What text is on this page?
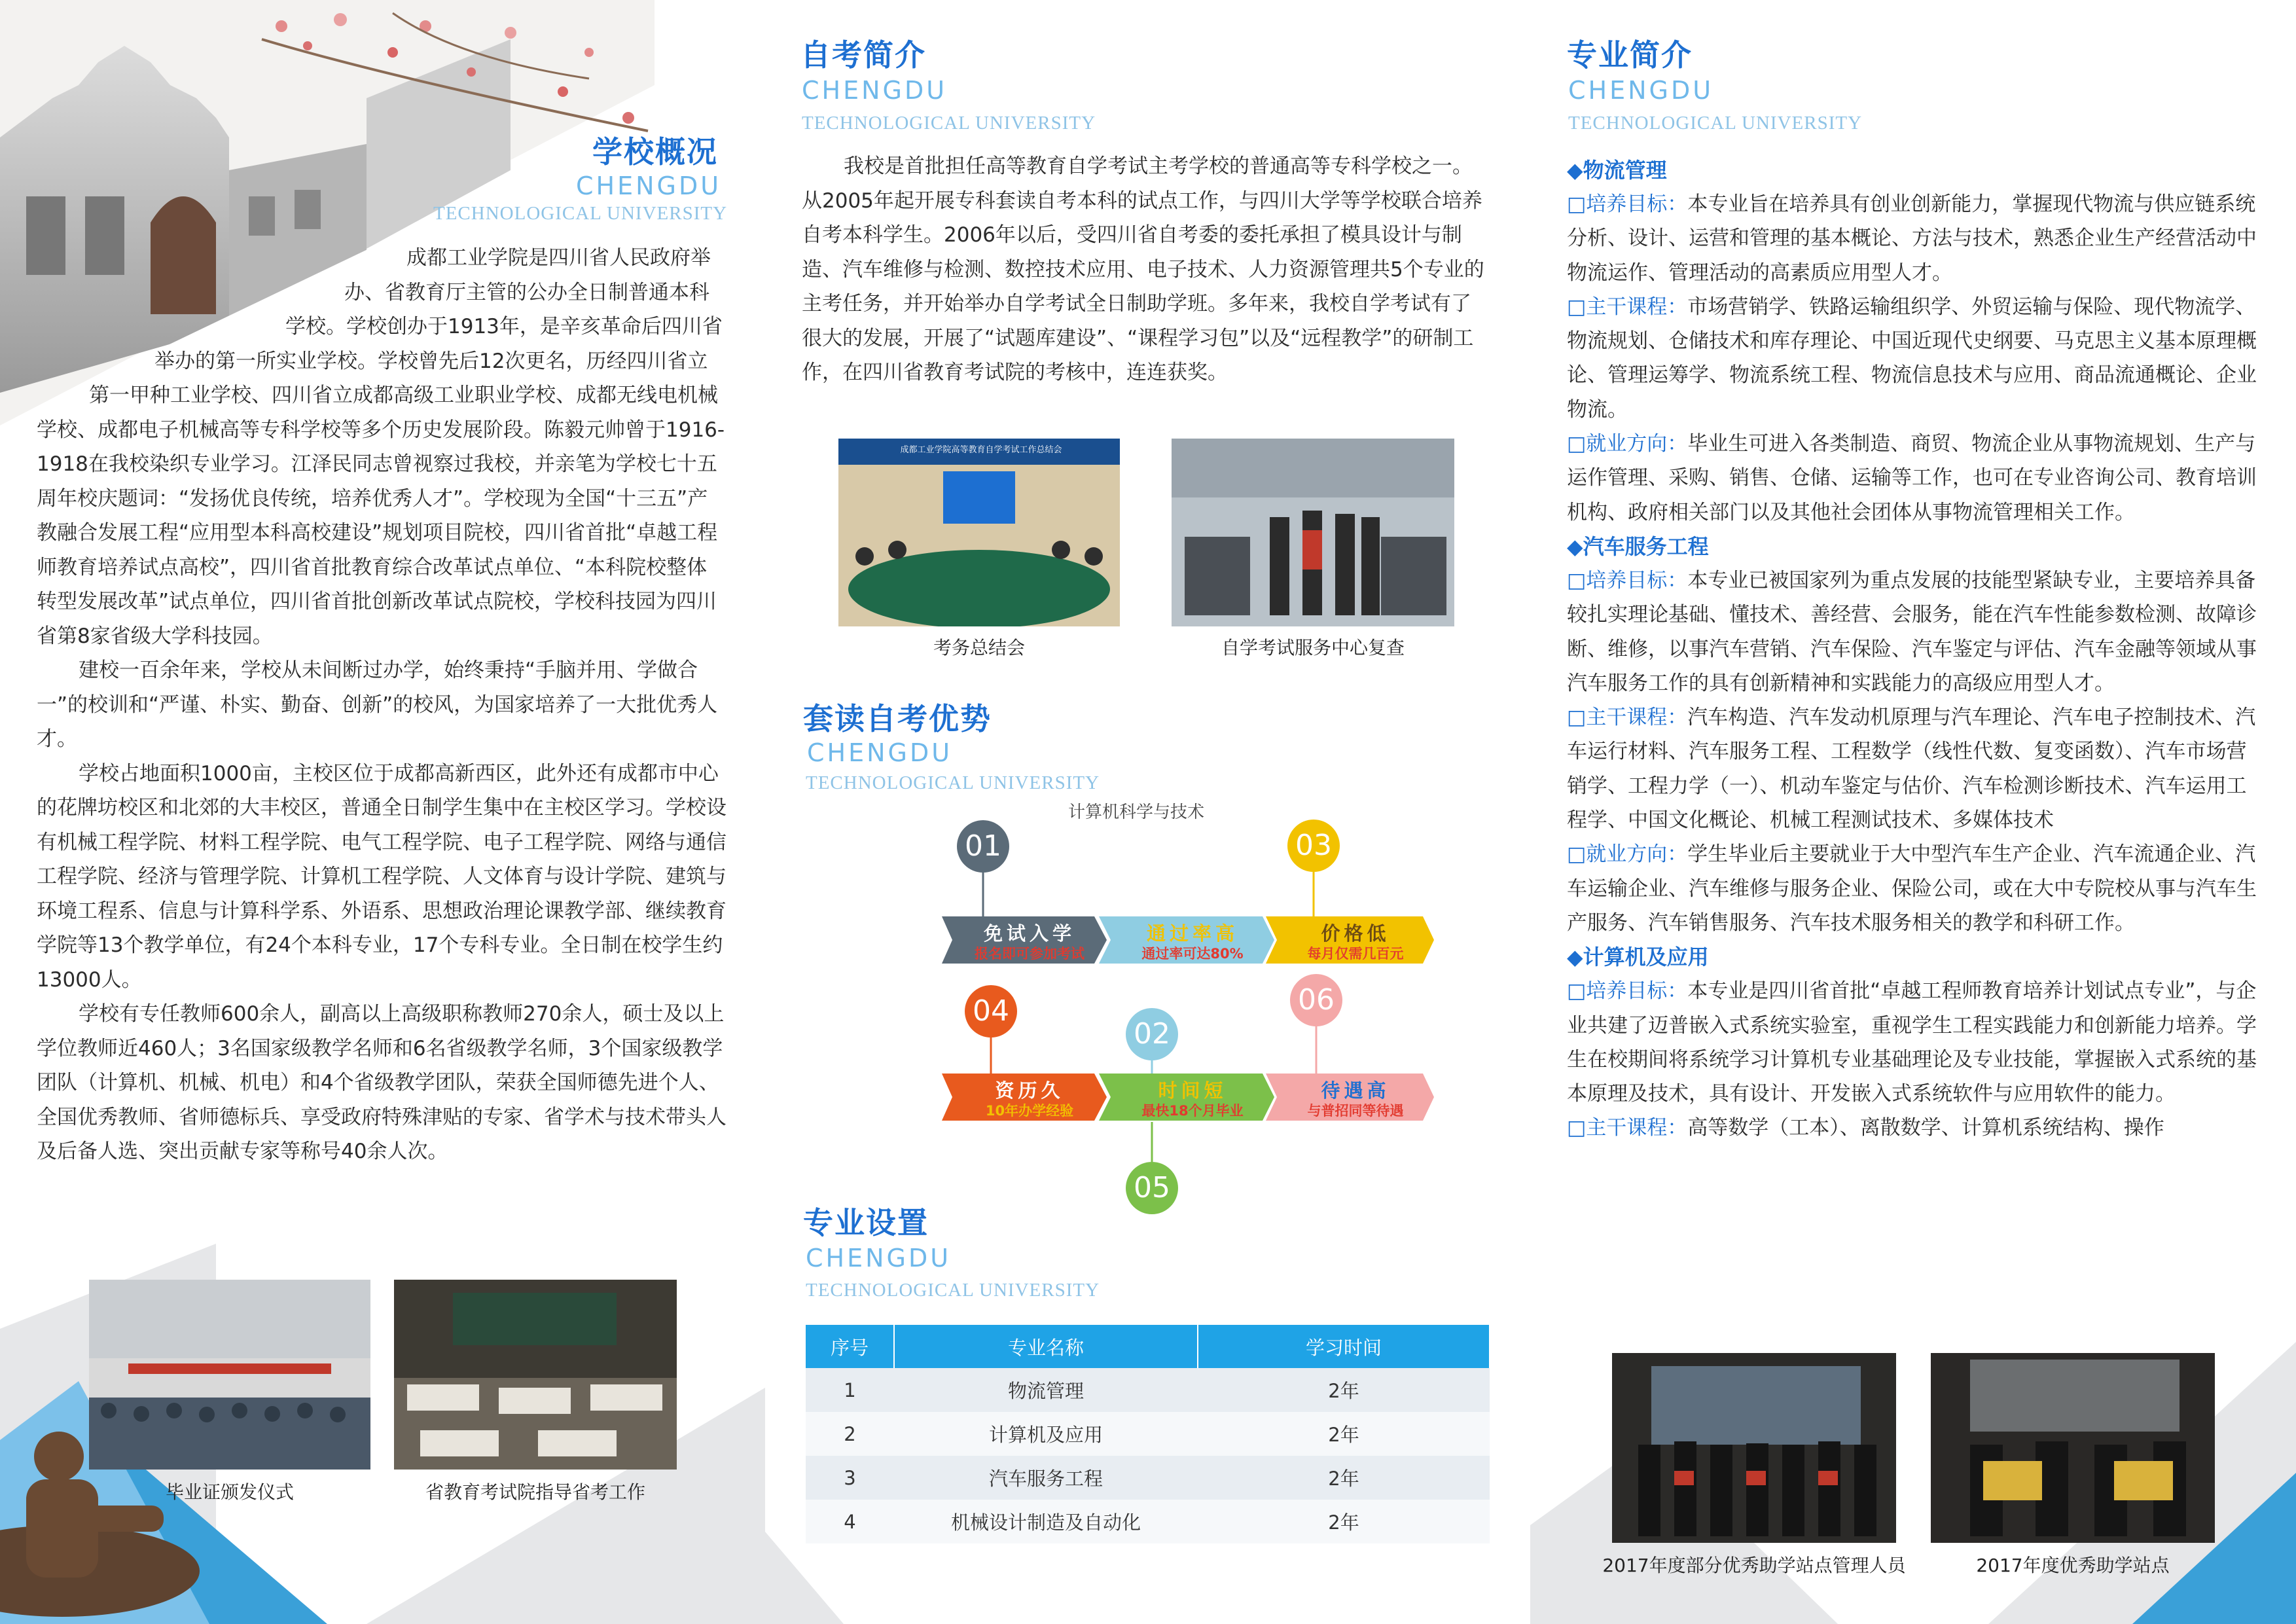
学校概况
CHENGDU
TECHNOLOGICAL UNIVERSITY

成都工业学院是四川省人民政府举办、省教育厅主管的公办全日制普通本科学校。学校创办于1913年，是辛亥革命后四川省举办的第一所实业学校。学校曾先后12次更名，历经四川省立第一甲种工业学校、四川省立成都高级工业职业学校、成都无线电机械学校、成都电子机械高等专科学校等多个历史发展阶段。陈毅元帅曾于1916-1918在我校染织专业学习。江泽民同志曾视察过我校，并亲笔为学校七十五周年校庆题词：“发扬优良传统，培养优秀人才”。学校现为全国“十三五”产教融合发展工程“应用型本科高校建设”规划项目院校，四川省首批“卓越工程师教育培养试点高校”，四川省首批教育综合改革试点单位、“本科院校整体转型发展改革”试点单位，四川省首批创新改革试点院校，学校科技园为四川省第8家省级大学科技园。

建校一百余年来，学校从未间断过办学，始终秉持“手脑并用、学做合一”的校训和“严谨、朴实、勤奋、创新”的校风，为国家培养了一大批优秀人才。

学校占地面积1000亩，主校区位于成都高新西区，此外还有成都市中心的花牌坊校区和北郊的大丰校区，普通全日制学生集中在主校区学习。学校设有机械工程学院、材料工程学院、电气工程学院、电子工程学院、网络与通信工程学院、经济与管理学院、计算机工程学院、人文体育与设计学院、建筑与环境工程系、信息与计算科学系、外语系、思想政治理论课教学部、继续教育学院等13个教学单位，有24个本科专业，17个专科专业。全日制在校学生约13000人。

学校有专任教师600余人，副高以上高级职称教师270余人，硕士及以上学位教师近460人；3名国家级教学名师和6名省级教学名师，3个国家级教学团队（计算机、机械、机电）和4个省级教学团队，荣获全国师德先进个人、全国优秀教师、省师德标兵、享受政府特殊津贴的专家、省学术与技术带头人及后备人选、突出贡献专家等称号40余人次。

毕业证颁发仪式	省教育考试院指导省考工作
自考简介
CHENGDU
TECHNOLOGICAL UNIVERSITY

我校是首批担任高等教育自学考试主考学校的普通高等专科学校之一。从2005年起开展专科套读自考本科的试点工作，与四川大学等学校联合培养自考本科学生。2006年以后，受四川省自考委的委托承担了模具设计与制造、汽车维修与检测、数控技术应用、电子技术、人力资源管理共5个专业的主考任务，并开始举办自学考试全日制助学班。多年来，我校自学考试有了很大的发展，开展了“试题库建设”、“课程学习包”以及“远程教学”的研制工作，在四川省教育考试院的考核中，连连获奖。

考务总结会
成都工业学院高等教育自学考试工作总结会
自学考试服务中心复查
套读自考优势
CHENGDU
TECHNOLOGICAL UNIVERSITY
计算机科学与技术
01	03
04
02
06
05
免试入学
报名即可参加考试
通过率高
通过率可达80%
价格低
每月仅需几百元
资历久
10年办学经验
时间短
最快18个月毕业
待遇高
与普招同等待遇
专业设置
CHENGDU
TECHNOLOGICAL UNIVERSITY
序号	专业名称	学习时间
1	物流管理	2年
2	计算机及应用	2年
3	汽车服务工程	2年
4	机械设计制造及自动化	2年
专业简介
CHENGDU
TECHNOLOGICAL UNIVERSITY

◆物流管理

□培养目标：本专业旨在培养具有创业创新能力，掌握现代物流与供应链系统分析、设计、运营和管理的基本概论、方法与技术，熟悉企业生产经营活动中物流运作、管理活动的高素质应用型人才。

□主干课程：市场营销学、铁路运输组织学、外贸运输与保险、现代物流学、物流规划、仓储技术和库存理论、中国近现代史纲要、马克思主义基本原理概论、管理运筹学、物流系统工程、物流信息技术与应用、商品流通概论、企业物流。

□就业方向：毕业生可进入各类制造、商贸、物流企业从事物流规划、生产与运作管理、采购、销售、仓储、运输等工作，也可在专业咨询公司、教育培训机构、政府相关部门以及其他社会团体从事物流管理相关工作。

◆汽车服务工程

□培养目标：本专业已被国家列为重点发展的技能型紧缺专业，主要培养具备较扎实理论基础、懂技术、善经营、会服务，能在汽车性能参数检测、故障诊断、维修，以事汽车营销、汽车保险、汽车鉴定与评估、汽车金融等领域从事汽车服务工作的具有创新精神和实践能力的高级应用型人才。

□主干课程：汽车构造、汽车发动机原理与汽车理论、汽车电子控制技术、汽车运行材料、汽车服务工程、工程数学（线性代数、复变函数）、汽车市场营销学、工程力学（一）、机动车鉴定与估价、汽车检测诊断技术、汽车运用工程学、中国文化概论、机械工程测试技术、多媒体技术

□就业方向：学生毕业后主要就业于大中型汽车生产企业、汽车流通企业、汽车运输企业、汽车维修与服务企业、保险公司，或在大中专院校从事与汽车生产服务、汽车销售服务、汽车技术服务相关的教学和科研工作。

◆计算机及应用

□培养目标：本专业是四川省首批“卓越工程师教育培养计划试点专业”，与企业共建了迈普嵌入式系统实验室，重视学生工程实践能力和创新能力培养。学生在校期间将系统学习计算机专业基础理论及专业技能，掌握嵌入式系统的基本原理及技术，具有设计、开发嵌入式系统软件与应用软件的能力。

□主干课程：高等数学（工本）、离散数学、计算机系统结构、操作

2017年度部分优秀助学站点管理人员	2017年度优秀助学站点
